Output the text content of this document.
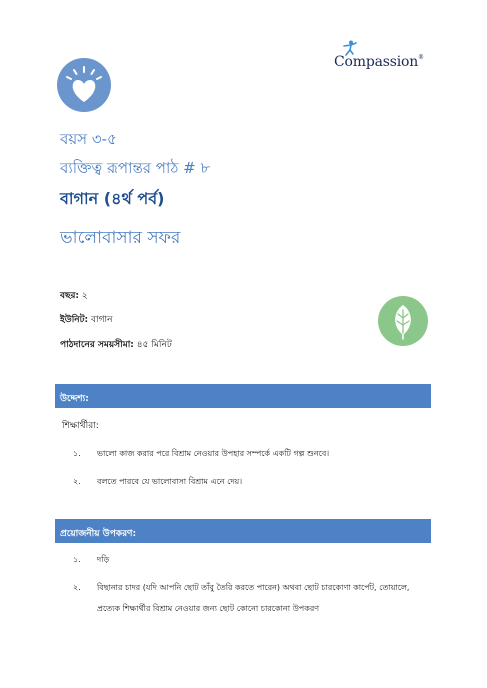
Compassion®
বয়স ৩-৫
ব্যক্তিত্ব রূপান্তর পাঠ # ৮
বাগান (৪র্থ পর্ব)
ভালোবাসার সফর
বছর: ২
ইউনিট: বাগান
পাঠদানের সময়সীমা: ৪৫ মিনিট
উদ্দেশ্য:
শিক্ষার্থীরা:
১. ভালো কাজ করার পরে বিশ্রাম নেওয়ার উপহার সম্পর্কে একটি গল্প শুনবে।
২. বলতে পারবে যে ভালোবাসা বিশ্রাম এনে দেয়।
প্রয়োজনীয় উপকরণ:
১. দড়ি
২. বিছানার চাদর (যদি আপনি ছোট তাঁবু তৈরি করতে পারেন) অথবা ছোট চারকোণা কার্পেট, তোয়ালে,
প্রত্যেক শিক্ষার্থীর বিশ্রাম নেওয়ার জন্য ছোট কোনো চারকোনা উপকরণ
